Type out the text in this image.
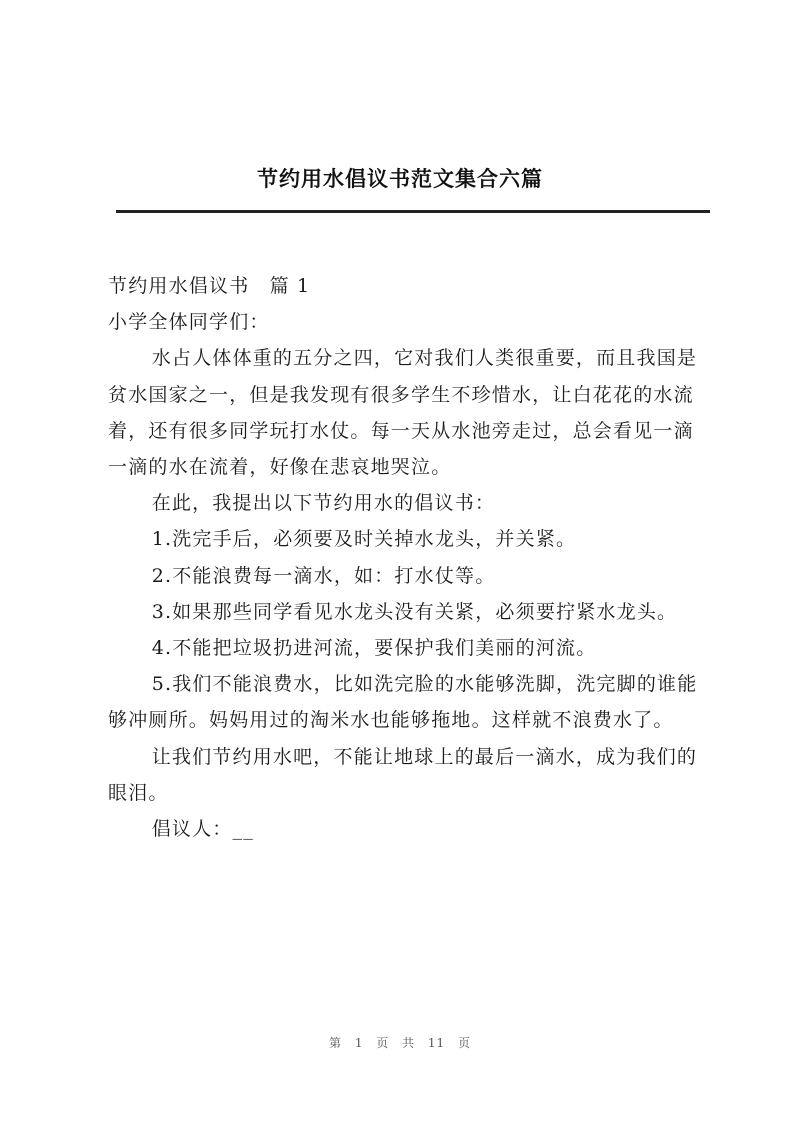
节约用水倡议书范文集合六篇

节约用水倡议书　篇 1

小学全体同学们：

水占人体体重的五分之四，它对我们人类很重要，而且我国是贫水国家之一，但是我发现有很多学生不珍惜水，让白花花的水流着，还有很多同学玩打水仗。每一天从水池旁走过，总会看见一滴一滴的水在流着，好像在悲哀地哭泣。

在此，我提出以下节约用水的倡议书：

1.洗完手后，必须要及时关掉水龙头，并关紧。

2.不能浪费每一滴水，如：打水仗等。

3.如果那些同学看见水龙头没有关紧，必须要拧紧水龙头。

4.不能把垃圾扔进河流，要保护我们美丽的河流。

5.我们不能浪费水，比如洗完脸的水能够洗脚，洗完脚的谁能够冲厕所。妈妈用过的淘米水也能够拖地。这样就不浪费水了。

让我们节约用水吧，不能让地球上的最后一滴水，成为我们的眼泪。

倡议人：__

第 1 页 共 11 页
